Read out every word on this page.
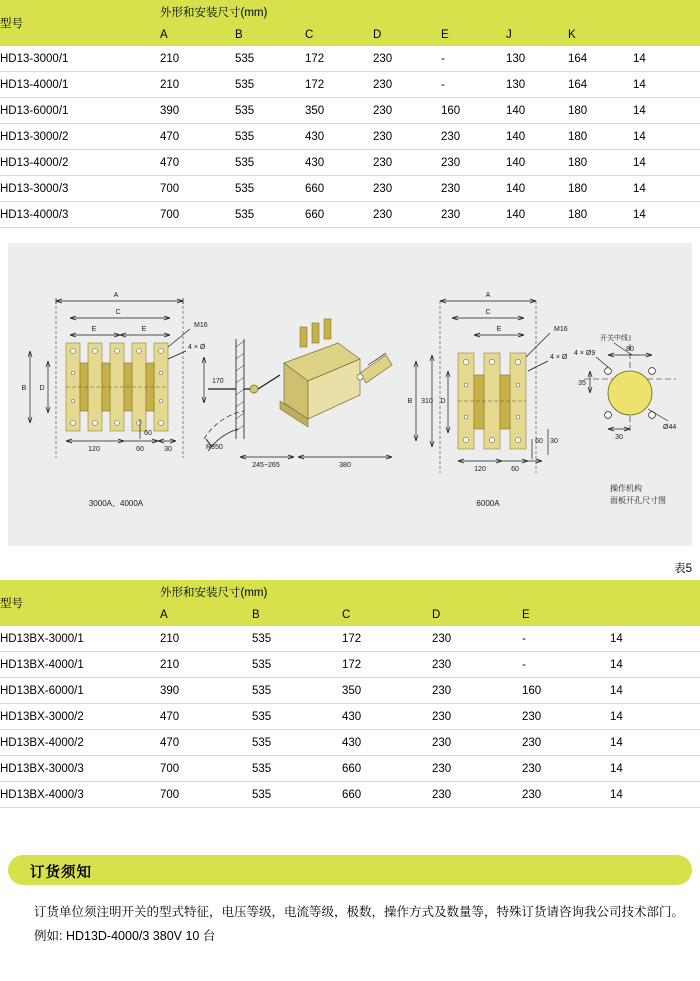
型号	外形和安装尺寸(mm)							
	A	B	C	D	E	J	K	
HD13-3000/1	210	535	172	230	-	130	164	14
HD13-4000/1	210	535	172	230	-	130	164	14
HD13-6000/1	390	535	350	230	160	140	180	14
HD13-3000/2	470	535	430	230	230	140	180	14
HD13-4000/2	470	535	430	230	230	140	180	14
HD13-3000/3	700	535	660	230	230	140	180	14
HD13-4000/3	700	535	660	230	230	140	180	14
A
C
E	E
B D
M16
4 × Ø
170
120	60	30
60
R350
245~265	380
3000A、4000A
A
C
E
B 310 D
M16
4 × Ø
120	60
60 30
6000A
开关中线
4 × Ø9
80
35
30
Ø44
操作机构
面板开孔尺寸图
表5
型号	外形和安装尺寸(mm)					
	A	B	C	D	E	
HD13BX-3000/1	210	535	172	230	-	14
HD13BX-4000/1	210	535	172	230	-	14
HD13BX-6000/1	390	535	350	230	160	14
HD13BX-3000/2	470	535	430	230	230	14
HD13BX-4000/2	470	535	430	230	230	14
HD13BX-3000/3	700	535	660	230	230	14
HD13BX-4000/3	700	535	660	230	230	14
订货须知

订货单位须注明开关的型式特征，电压等级，电流等级，极数，操作方式及数量等，特殊订货请咨询我公司技术部门。

例如: HD13D-4000/3 380V 10 台
